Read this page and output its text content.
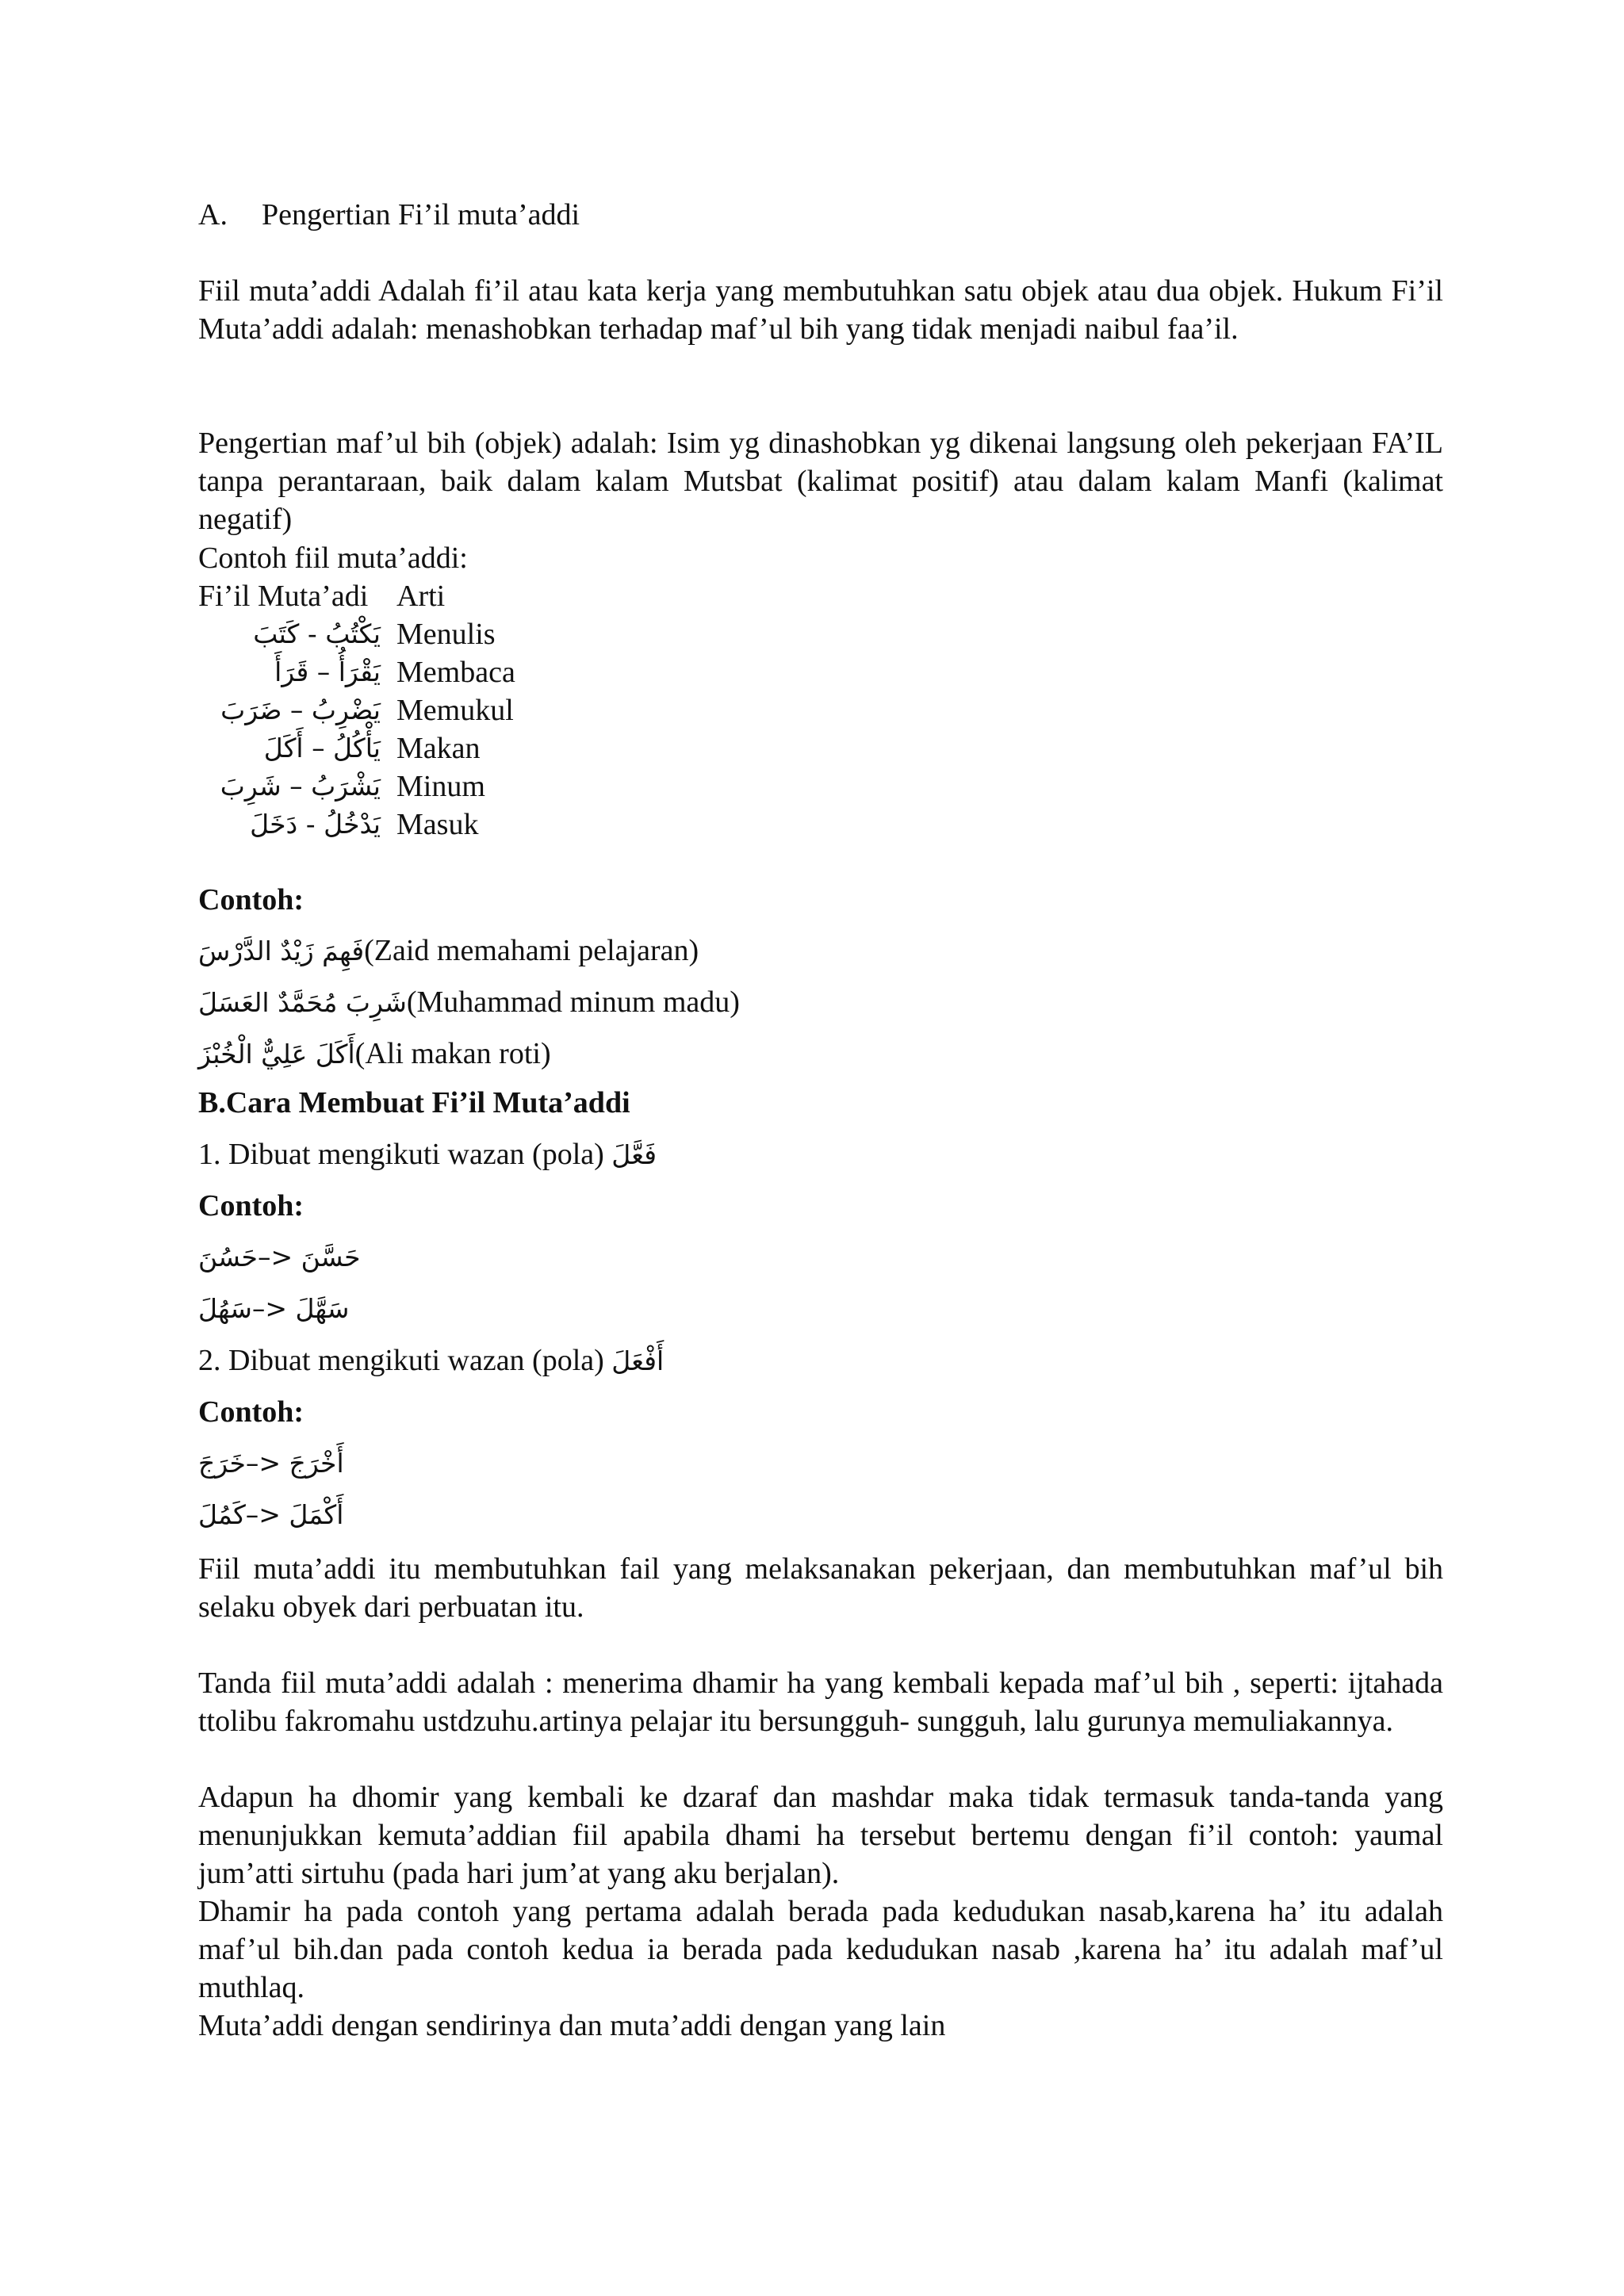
A. Pengertian Fi’il muta’addi
Fiil muta’addi Adalah fi’il atau kata kerja yang membutuhkan satu objek atau dua objek. Hukum Fi’il Muta’addi adalah: menashobkan terhadap maf’ul bih yang tidak menjadi naibul faa’il.
Pengertian maf’ul bih (objek) adalah: Isim yg dinashobkan yg dikenai langsung oleh pekerjaan FA’IL tanpa perantaraan, baik dalam kalam Mutsbat (kalimat positif) atau dalam kalam Manfi (kalimat negatif)
Contoh fiil muta’addi:
Fi’il Muta’adi Arti
يَكْتُبُ - كَتَبَ Menulis
يَقْرَأُ – قَرَأَ Membaca
يَضْرِبُ – ضَرَبَ Memukul
يَأْكُلُ – أَكَلَ Makan
يَشْرَبُ – شَرِبَ Minum
يَدْخُلُ - دَخَلَ Masuk
Contoh:
فَهِمَ زَيْدٌ الدَّرْسَ(Zaid memahami pelajaran)
شَرِبَ مُحَمَّدٌ العَسَلَ(Muhammad minum madu)
أَكَلَ عَلِيٌّ الْخُبْزَ(Ali makan roti)
B.Cara Membuat Fi’il Muta’addi
1. Dibuat mengikuti wazan (pola) فَعَّلَ
Contoh:
حَسَّنَ <–حَسُنَ
سَهَّلَ <–سَهُلَ
2. Dibuat mengikuti wazan (pola) أَفْعَلَ
Contoh:
أَخْرَجَ <–خَرَجَ
أَكْمَلَ <–كَمُلَ
Fiil muta’addi itu membutuhkan fail yang melaksanakan pekerjaan, dan membutuhkan maf’ul bih selaku obyek dari perbuatan itu.
Tanda fiil muta’addi adalah : menerima dhamir ha yang kembali kepada maf’ul bih , seperti: ijtahada ttolibu fakromahu ustdzuhu.artinya pelajar itu bersungguh- sungguh, lalu gurunya memuliakannya.
Adapun ha dhomir yang kembali ke dzaraf dan mashdar maka tidak termasuk tanda-tanda yang menunjukkan kemuta’addian fiil apabila dhami ha tersebut bertemu dengan fi’il contoh: yaumal jum’atti sirtuhu (pada hari jum’at yang aku berjalan).
Dhamir ha pada contoh yang pertama adalah berada pada kedudukan nasab,karena ha’ itu adalah maf’ul bih.dan pada contoh kedua ia berada pada kedudukan nasab ,karena ha’ itu adalah maf’ul muthlaq.
Muta’addi dengan sendirinya dan muta’addi dengan yang lain
